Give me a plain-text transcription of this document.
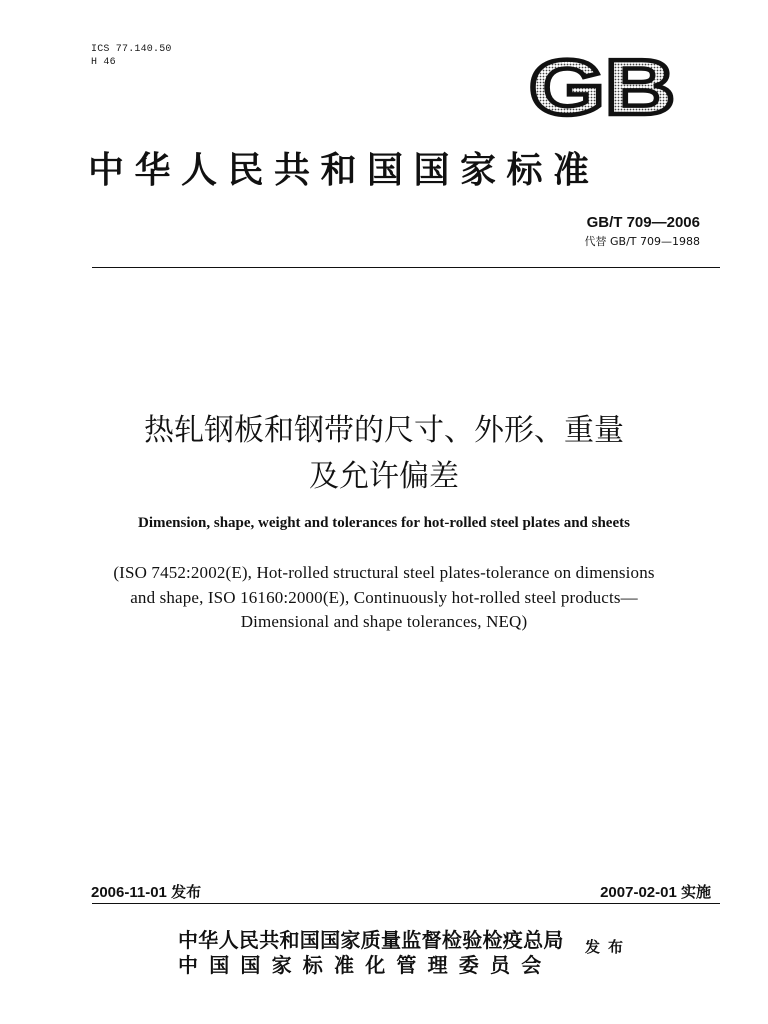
ICS 77.140.50
H 46	GB
中华人民共和国国家标准
GB/T 709—2006
代替 GB/T 709—1988
热轧钢板和钢带的尺寸、外形、重量
及允许偏差
Dimension, shape, weight and tolerances for hot-rolled steel plates and sheets
(ISO 7452:2002(E), Hot-rolled structural steel plates-tolerance on dimensions
and shape, ISO 16160:2000(E), Continuously hot-rolled steel products—
Dimensional and shape tolerances, NEQ)
2006-11-01 发布	2007-02-01 实施
中华人民共和国国家质量监督检验检疫总局
中国国家标准化管理委员会
发布
